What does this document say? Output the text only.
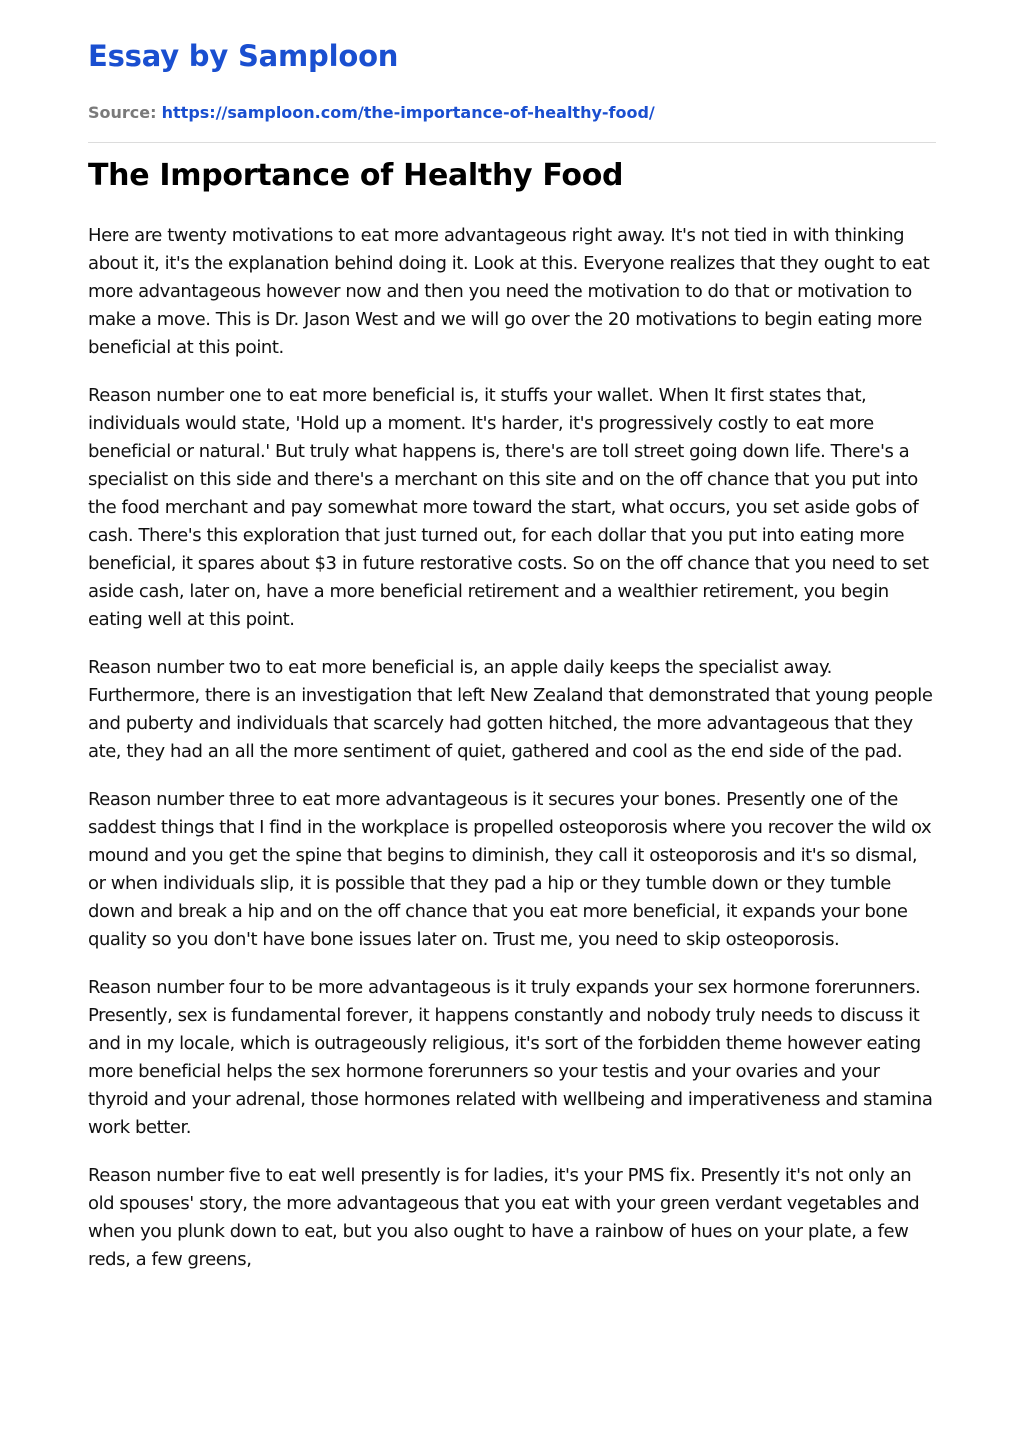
Essay by Samploon
Source: https://samploon.com/the-importance-of-healthy-food/
The Importance of Healthy Food

Here are twenty motivations to eat more advantageous right away. It's not tied in with thinking about it, it's the explanation behind doing it. Look at this. Everyone realizes that they ought to eat more advantageous however now and then you need the motivation to do that or motivation to make a move. This is Dr. Jason West and we will go over the 20 motivations to begin eating more beneficial at this point.

Reason number one to eat more beneficial is, it stuffs your wallet. When It first states that, individuals would state, 'Hold up a moment. It's harder, it's progressively costly to eat more beneficial or natural.' But truly what happens is, there's are toll street going down life. There's a specialist on this side and there's a merchant on this site and on the off chance that you put into the food merchant and pay somewhat more toward the start, what occurs, you set aside gobs of cash. There's this exploration that just turned out, for each dollar that you put into eating more beneficial, it spares about $3 in future restorative costs. So on the off chance that you need to set aside cash, later on, have a more beneficial retirement and a wealthier retirement, you begin eating well at this point.

Reason number two to eat more beneficial is, an apple daily keeps the specialist away. Furthermore, there is an investigation that left New Zealand that demonstrated that young people and puberty and individuals that scarcely had gotten hitched, the more advantageous that they ate, they had an all the more sentiment of quiet, gathered and cool as the end side of the pad.

Reason number three to eat more advantageous is it secures your bones. Presently one of the saddest things that I find in the workplace is propelled osteoporosis where you recover the wild ox mound and you get the spine that begins to diminish, they call it osteoporosis and it's so dismal, or when individuals slip, it is possible that they pad a hip or they tumble down or they tumble down and break a hip and on the off chance that you eat more beneficial, it expands your bone quality so you don't have bone issues later on. Trust me, you need to skip osteoporosis.

Reason number four to be more advantageous is it truly expands your sex hormone forerunners. Presently, sex is fundamental forever, it happens constantly and nobody truly needs to discuss it and in my locale, which is outrageously religious, it's sort of the forbidden theme however eating more beneficial helps the sex hormone forerunners so your testis and your ovaries and your thyroid and your adrenal, those hormones related with wellbeing and imperativeness and stamina work better.

Reason number five to eat well presently is for ladies, it's your PMS fix. Presently it's not only an old spouses' story, the more advantageous that you eat with your green verdant vegetables and when you plunk down to eat, but you also ought to have a rainbow of hues on your plate, a few reds, a few greens,
